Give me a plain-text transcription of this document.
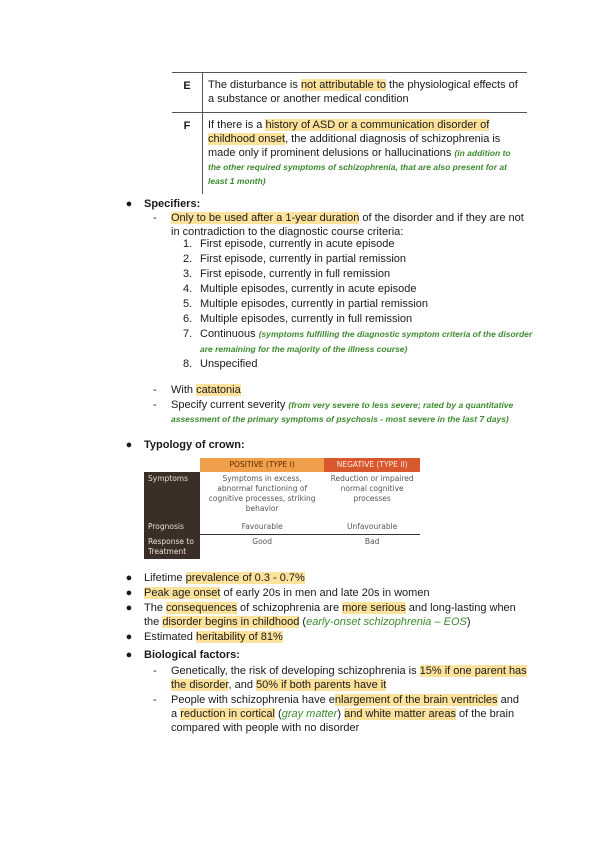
E	The disturbance is not attributable to the physiological effects of a substance or another medical condition
F	If there is a history of ASD or a communication disorder of childhood onset, the additional diagnosis of schizophrenia is made only if prominent delusions or hallucinations (in addition to the other required symptoms of schizophrenia, that are also present for at least 1 month)
● Specifiers:
- Only to be used after a 1-year duration of the disorder and if they are not in contradiction to the diagnostic course criteria:
1. First episode, currently in acute episode
2. First episode, currently in partial remission
3. First episode, currently in full remission
4. Multiple episodes, currently in acute episode
5. Multiple episodes, currently in partial remission
6. Multiple episodes, currently in full remission
7. Continuous (symptoms fulfilling the diagnostic symptom criteria of the disorder are remaining for the majority of the illness course)
8. Unspecified
- With catatonia
- Specify current severity (from very severe to less severe; rated by a quantitative assessment of the primary symptoms of psychosis - most severe in the last 7 days)
● Typology of crown:
	POSITIVE (TYPE I)	NEGATIVE (TYPE II)
Symptoms	Symptoms in excess, abnormal functioning of cognitive processes, striking behavior	Reduction or impaired normal cognitive processes
Prognosis	Favourable	Unfavourable
Response to Treatment	Good	Bad
● Lifetime prevalence of 0.3 - 0.7%
● Peak age onset of early 20s in men and late 20s in women
● The consequences of schizophrenia are more serious and long-lasting when the disorder begins in childhood (early-onset schizophrenia – EOS)
● Estimated heritability of 81%
● Biological factors:
- Genetically, the risk of developing schizophrenia is 15% if one parent has the disorder, and 50% if both parents have it
- People with schizophrenia have enlargement of the brain ventricles and a reduction in cortical (gray matter) and white matter areas of the brain compared with people with no disorder
